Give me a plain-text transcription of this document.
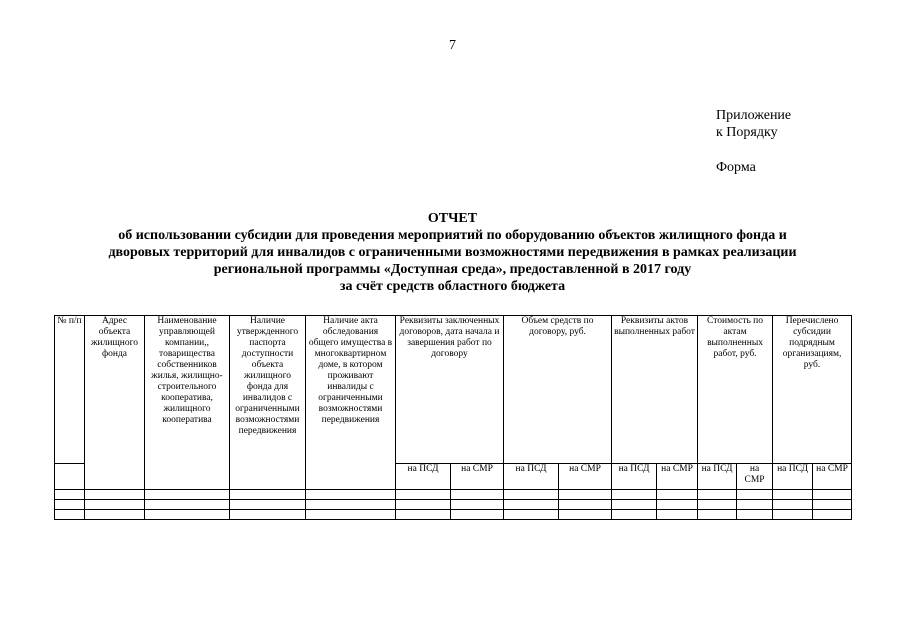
7
Приложение
к Порядку
Форма
ОТЧЕТ
об использовании субсидии для проведения мероприятий по оборудованию объектов жилищного фонда и
дворовых территорий для инвалидов с ограниченными возможностями передвижения в рамках реализации
региональной программы «Доступная среда», предоставленной в 2017 году
за счёт средств областного бюджета
№ п/п	Адрес объекта жилищного фонда	Наименование управляющей компании,, товарищества собственников жилья, жилищно-строительного кооператива, жилищного кооператива	Наличие утвержденного паспорта доступности объекта жилищного фонда для инвалидов с ограниченными возможностями передвижения	Наличие акта обследования общего имущества в многоквартирном доме, в котором проживают инвалиды с ограниченными возможностями передвижения	Реквизиты заключенных договоров, дата начала и завершения работ по договору		Объем средств по договору, руб.		Реквизиты актов выполненных работ		Стоимость по актам выполненных работ, руб.		Перечислено субсидии подрядным организациям, руб.	
					на ПСД	на СМР	на ПСД	на СМР	на ПСД	на СМР	на ПСД	на СМР	на ПСД	на СМР
